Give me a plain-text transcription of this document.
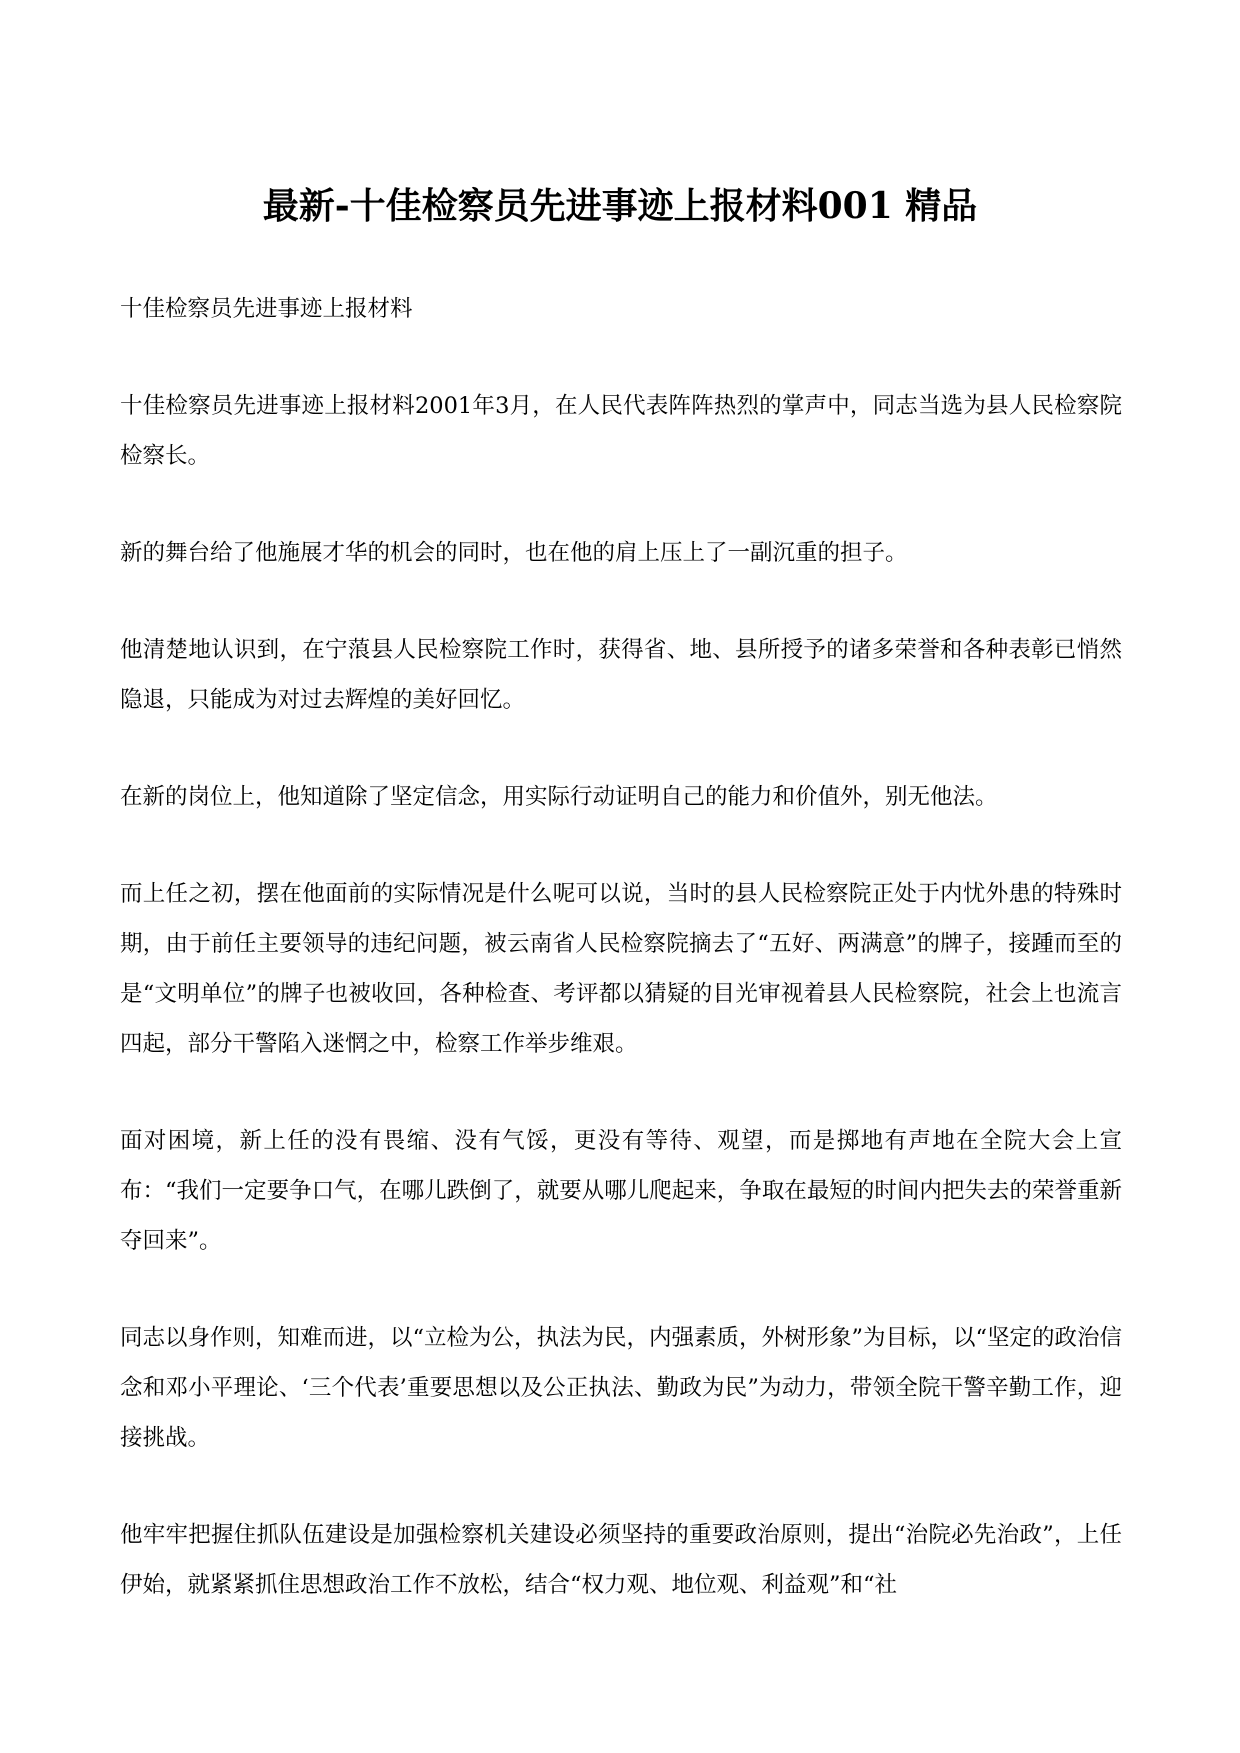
最新-十佳检察员先进事迹上报材料001 精品

十佳检察员先进事迹上报材料

十佳检察员先进事迹上报材料2001年3月，在人民代表阵阵热烈的掌声中，同志当选为县人民检察院检察长。

新的舞台给了他施展才华的机会的同时，也在他的肩上压上了一副沉重的担子。

他清楚地认识到，在宁蒗县人民检察院工作时，获得省、地、县所授予的诸多荣誉和各种表彰已悄然隐退，只能成为对过去辉煌的美好回忆。

在新的岗位上，他知道除了坚定信念，用实际行动证明自己的能力和价值外，别无他法。

而上任之初，摆在他面前的实际情况是什么呢可以说，当时的县人民检察院正处于内忧外患的特殊时期，由于前任主要领导的违纪问题，被云南省人民检察院摘去了“五好、两满意”的牌子，接踵而至的是“文明单位”的牌子也被收回，各种检查、考评都以猜疑的目光审视着县人民检察院，社会上也流言四起，部分干警陷入迷惘之中，检察工作举步维艰。

面对困境，新上任的没有畏缩、没有气馁，更没有等待、观望，而是掷地有声地在全院大会上宣布：“我们一定要争口气，在哪儿跌倒了，就要从哪儿爬起来，争取在最短的时间内把失去的荣誉重新夺回来”。

同志以身作则，知难而进，以“立检为公，执法为民，内强素质，外树形象”为目标，以“坚定的政治信念和邓小平理论、‘三个代表’重要思想以及公正执法、勤政为民”为动力，带领全院干警辛勤工作，迎接挑战。

他牢牢把握住抓队伍建设是加强检察机关建设必须坚持的重要政治原则，提出“治院必先治政”，上任伊始，就紧紧抓住思想政治工作不放松，结合“权力观、地位观、利益观”和“社
